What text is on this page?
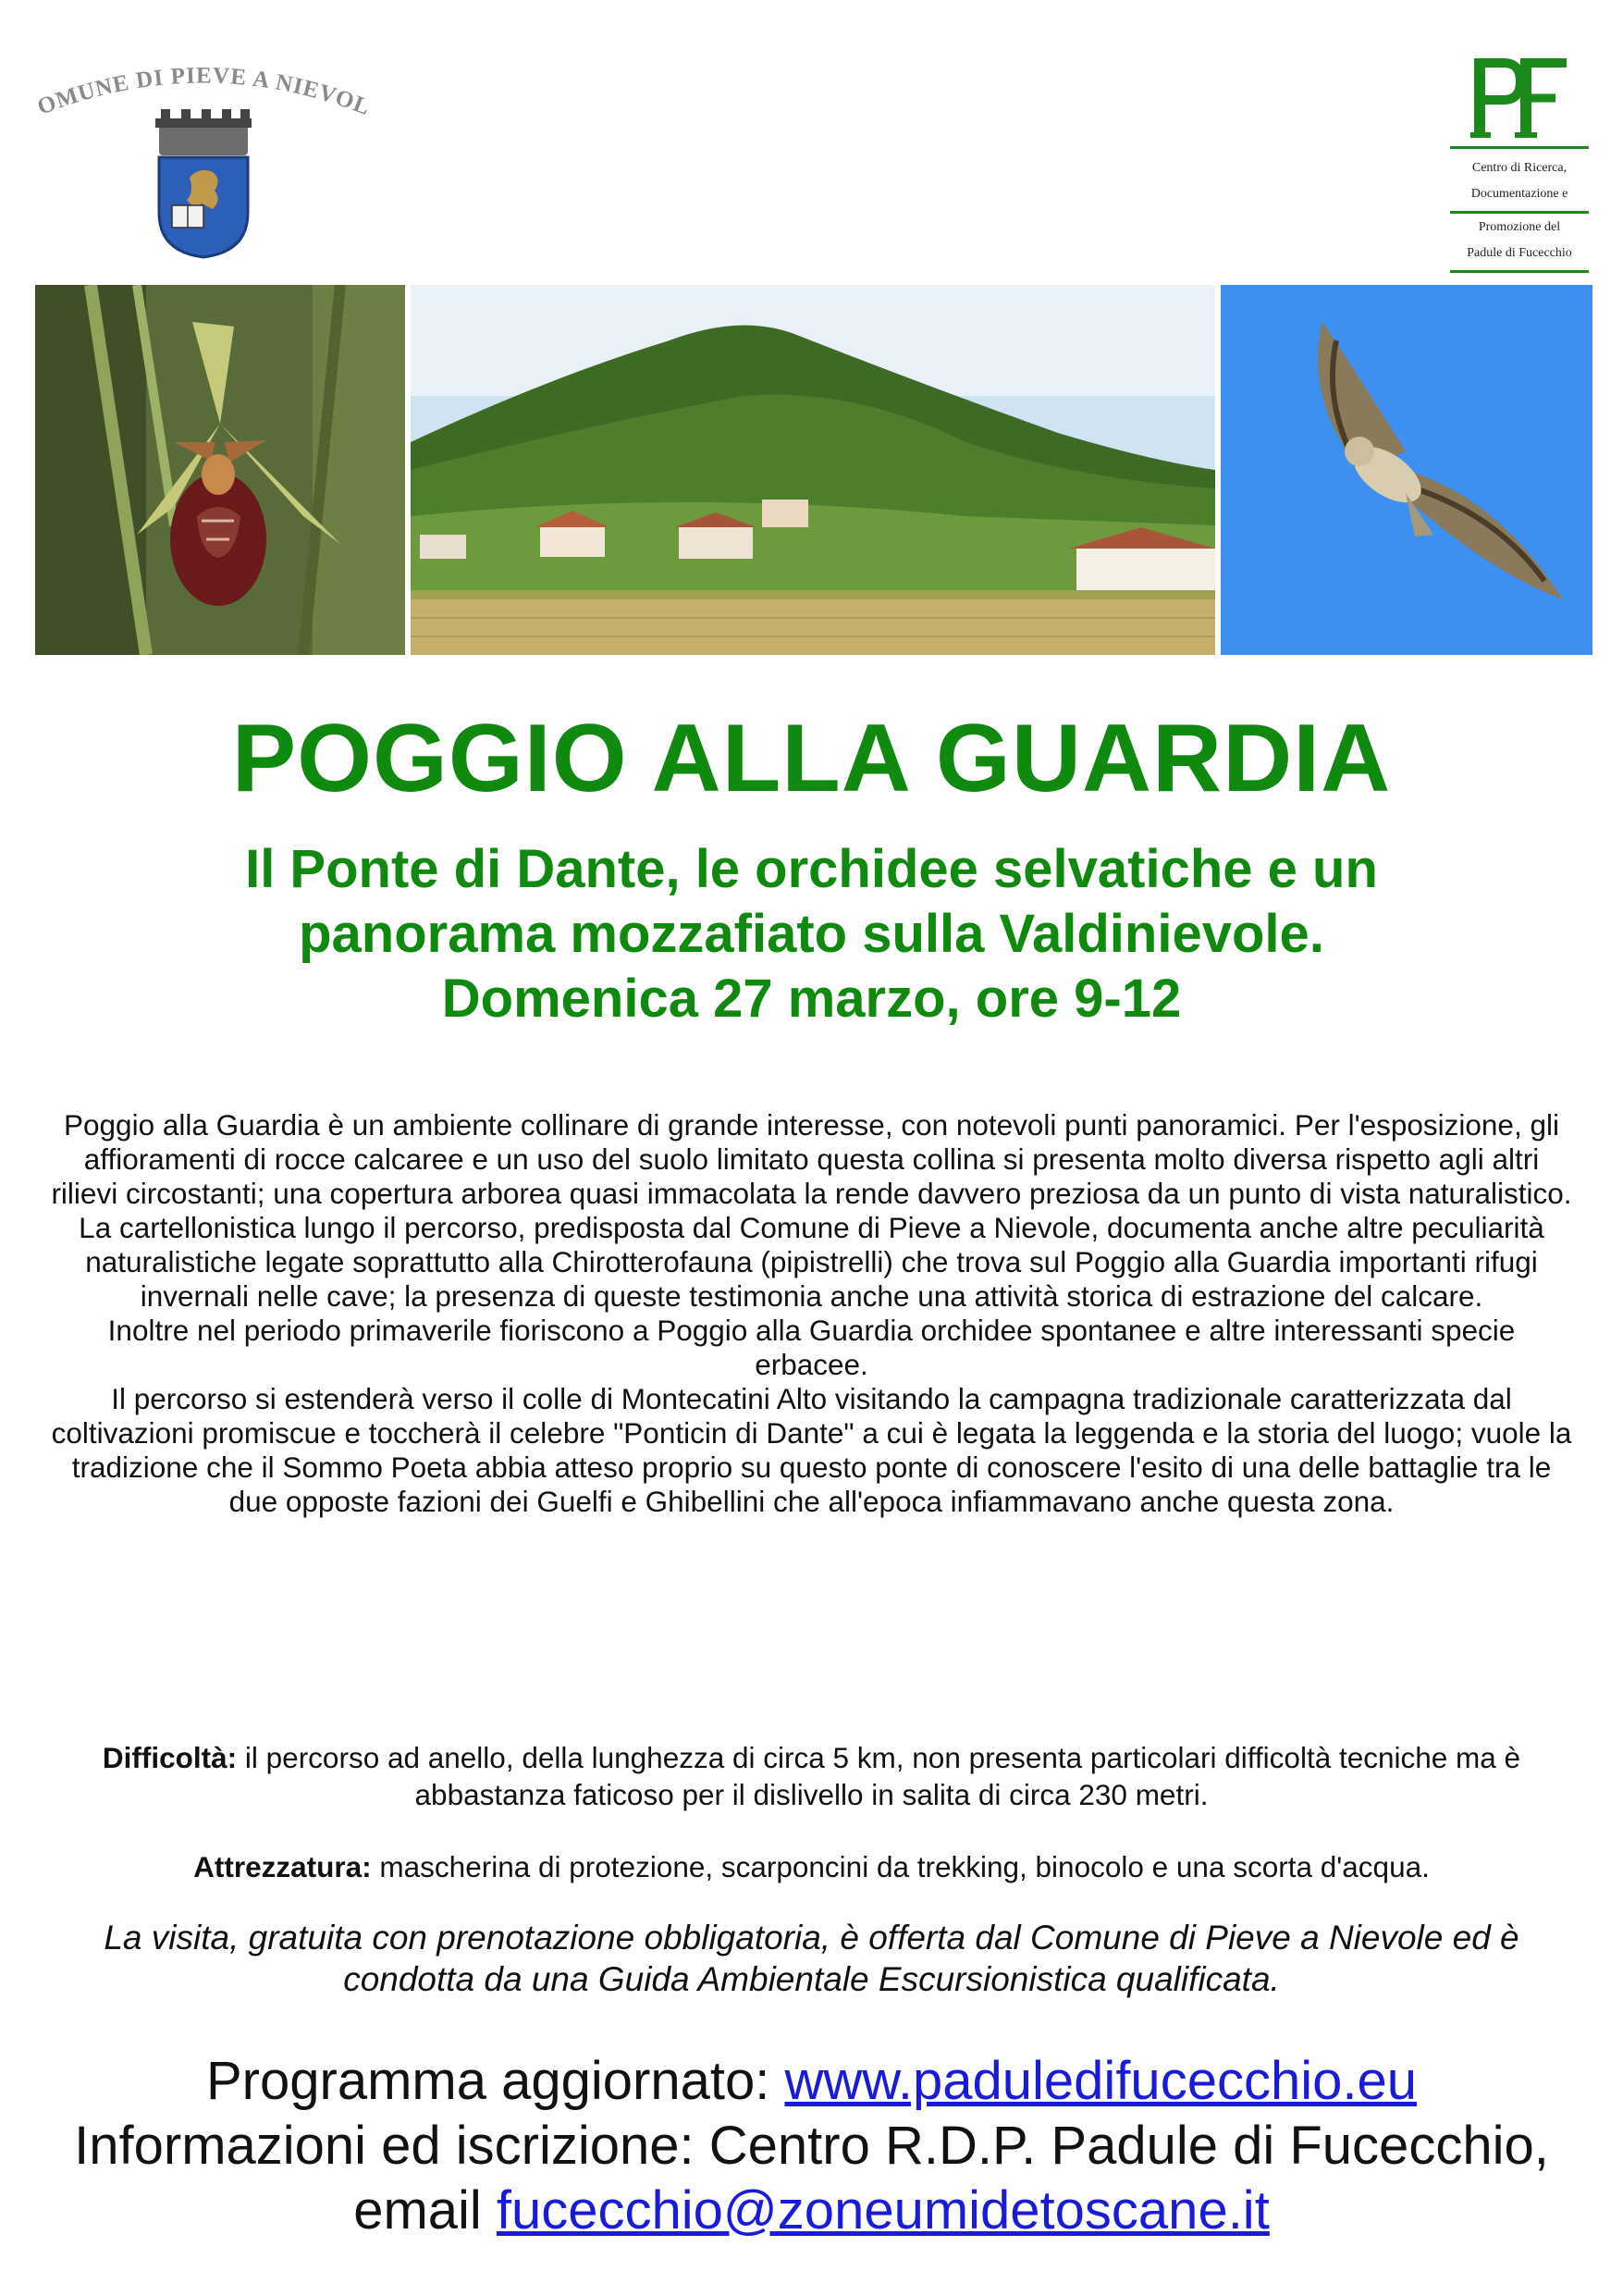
MUNE DI PIEVE A NIEVO
Centro di Ricerca,
Documentazione e
Promozione del
Padule di Fucecchio
POGGIO ALLA GUARDIA
Il Ponte di Dante, le orchidee selvatiche e un
panorama mozzafiato sulla Valdinievole.
Domenica 27 marzo, ore 9-12

Poggio alla Guardia è un ambiente collinare di grande interesse, con notevoli punti panoramici. Per l'esposizione, gli affioramenti di rocce calcaree e un uso del suolo limitato questa collina si presenta molto diversa rispetto agli altri rilievi circostanti; una copertura arborea quasi immacolata la rende davvero preziosa da un punto di vista naturalistico.

La cartellonistica lungo il percorso, predisposta dal Comune di Pieve a Nievole, documenta anche altre peculiarità naturalistiche legate soprattutto alla Chirotterofauna (pipistrelli) che trova sul Poggio alla Guardia importanti rifugi invernali nelle cave; la presenza di queste testimonia anche una attività storica di estrazione del calcare.

Inoltre nel periodo primaverile fioriscono a Poggio alla Guardia orchidee spontanee e altre interessanti specie erbacee.

Il percorso si estenderà verso il colle di Montecatini Alto visitando la campagna tradizionale caratterizzata dal coltivazioni promiscue e toccherà il celebre "Ponticin di Dante" a cui è legata la leggenda e la storia del luogo; vuole la tradizione che il Sommo Poeta abbia atteso proprio su questo ponte di conoscere l'esito di una delle battaglie tra le due opposte fazioni dei Guelfi e Ghibellini che all'epoca infiammavano anche questa zona.

Difficoltà: il percorso ad anello, della lunghezza di circa 5 km, non presenta particolari difficoltà tecniche ma è abbastanza faticoso per il dislivello in salita di circa 230 metri.
Attrezzatura: mascherina di protezione, scarponcini da trekking, binocolo e una scorta d'acqua.
La visita, gratuita con prenotazione obbligatoria, è offerta dal Comune di Pieve a Nievole ed è condotta da una Guida Ambientale Escursionistica qualificata.
Programma aggiornato: www.paduledifucecchio.eu
Informazioni ed iscrizione: Centro R.D.P. Padule di Fucecchio, email fucecchio@zoneumidetoscane.it
